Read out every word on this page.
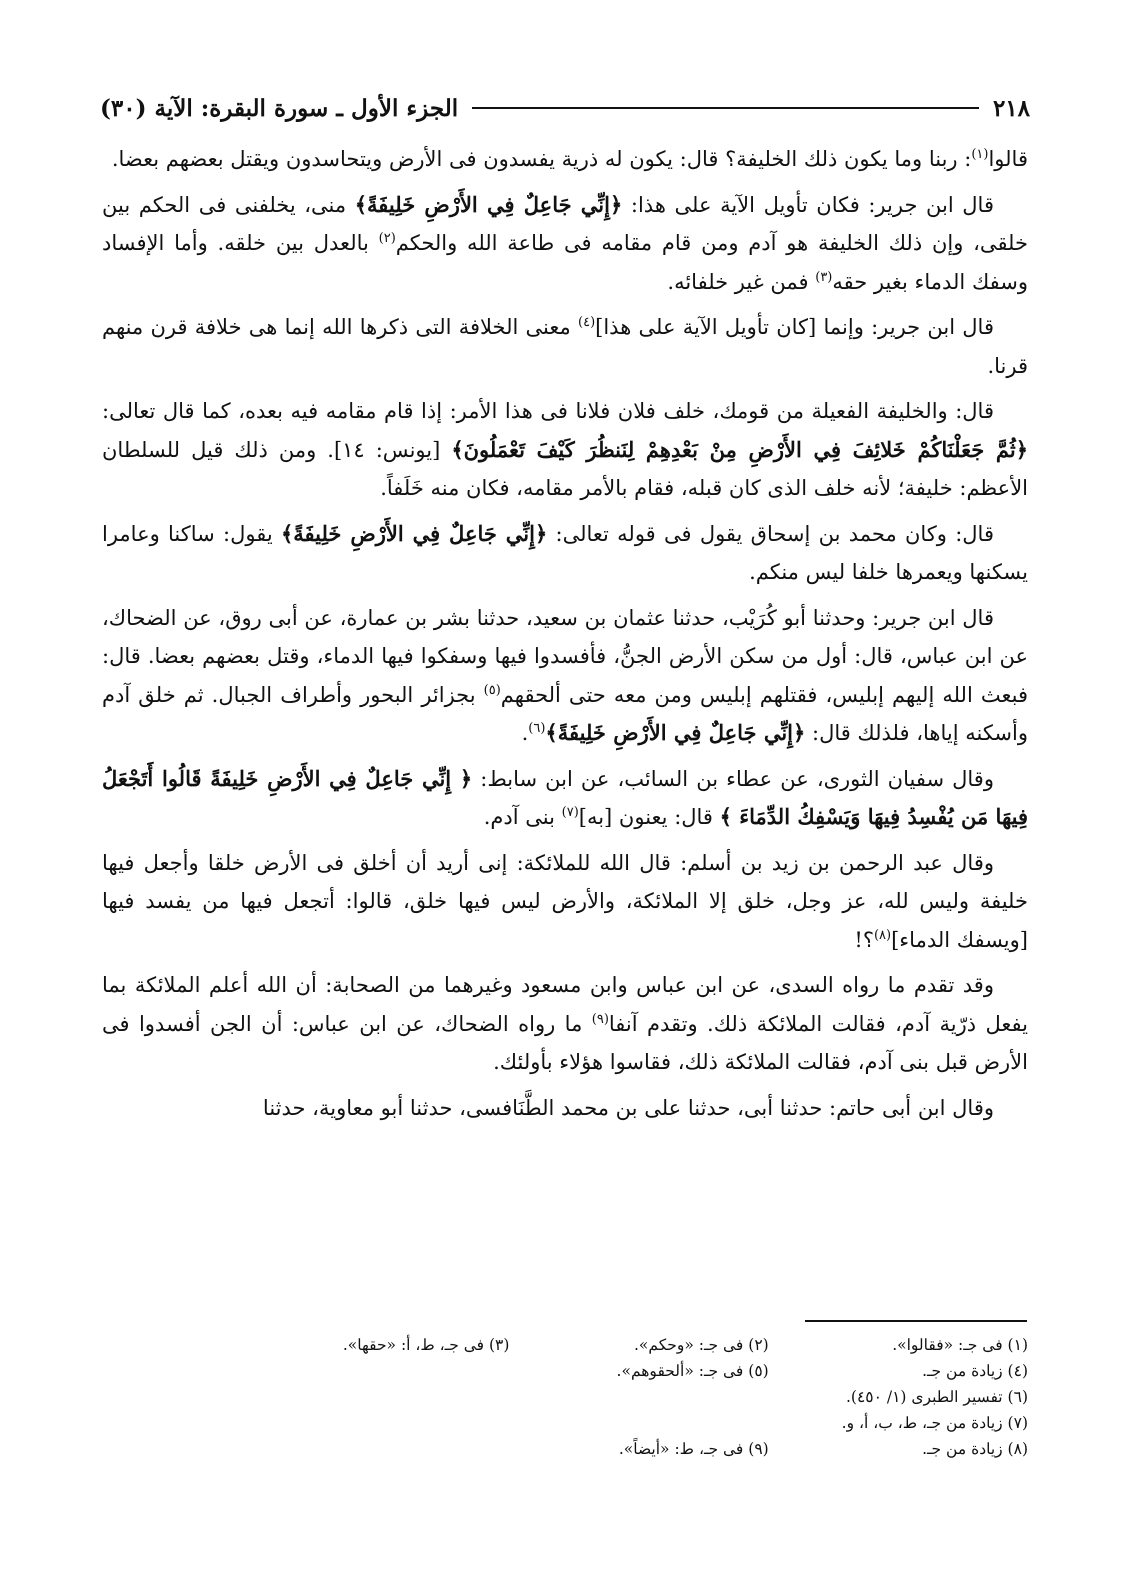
٢١٨
الجزء الأول ـ سورة البقرة: الآية (٣٠)

قالوا$^{(١)}$: ربنا وما يكون ذلك الخليفة؟ قال: يكون له ذرية يفسدون فى الأرض ويتحاسدون ويقتل بعضهم بعضا.

قال ابن جرير: فكان تأويل الآية على هذا: ﴿إِنِّي جَاعِلٌ فِي الأَرْضِ خَلِيفَةً﴾ منى، يخلفنى فى الحكم بين خلقى، وإن ذلك الخليفة هو آدم ومن قام مقامه فى طاعة الله والحكم$^{(٢)}$ بالعدل بين خلقه. وأما الإفساد وسفك الدماء بغير حقه$^{(٣)}$ فمن غير خلفائه.

قال ابن جرير: وإنما [كان تأويل الآية على هذا]$^{(٤)}$ معنى الخلافة التى ذكرها الله إنما هى خلافة قرن منهم قرنا.

قال: والخليفة الفعيلة من قومك، خلف فلان فلانا فى هذا الأمر: إذا قام مقامه فيه بعده، كما قال تعالى: ﴿ثُمَّ جَعَلْنَاكُمْ خَلائِفَ فِي الأَرْضِ مِنْ بَعْدِهِمْ لِنَنظُرَ كَيْفَ تَعْمَلُونَ﴾ [يونس: ١٤]. ومن ذلك قيل للسلطان الأعظم: خليفة؛ لأنه خلف الذى كان قبله، فقام بالأمر مقامه، فكان منه خَلَفاً.

قال: وكان محمد بن إسحاق يقول فى قوله تعالى: ﴿إِنِّي جَاعِلٌ فِي الأَرْضِ خَلِيفَةً﴾ يقول: ساكنا وعامرا يسكنها ويعمرها خلفا ليس منكم.

قال ابن جرير: وحدثنا أبو كُرَيْب، حدثنا عثمان بن سعيد، حدثنا بشر بن عمارة، عن أبى روق، عن الضحاك، عن ابن عباس، قال: أول من سكن الأرض الجنُّ، فأفسدوا فيها وسفكوا فيها الدماء، وقتل بعضهم بعضا. قال: فبعث الله إليهم إبليس، فقتلهم إبليس ومن معه حتى ألحقهم$^{(٥)}$ بجزائر البحور وأطراف الجبال. ثم خلق آدم وأسكنه إياها، فلذلك قال: ﴿إِنِّي جَاعِلٌ فِي الأَرْضِ خَلِيفَةً﴾$^{(٦)}$.

وقال سفيان الثورى، عن عطاء بن السائب، عن ابن سابط: ﴿ إِنِّي جَاعِلٌ فِي الأَرْضِ خَلِيفَةً قَالُوا أَتَجْعَلُ فِيهَا مَن يُفْسِدُ فِيهَا وَيَسْفِكُ الدِّمَاءَ ﴾ قال: يعنون [به]$^{(٧)}$ بنى آدم.

وقال عبد الرحمن بن زيد بن أسلم: قال الله للملائكة: إنى أريد أن أخلق فى الأرض خلقا وأجعل فيها خليفة وليس لله، عز وجل، خلق إلا الملائكة، والأرض ليس فيها خلق، قالوا: أتجعل فيها من يفسد فيها [ويسفك الدماء]$^{(٨)}$؟!

وقد تقدم ما رواه السدى، عن ابن عباس وابن مسعود وغيرهما من الصحابة: أن الله أعلم الملائكة بما يفعل ذرّية آدم، فقالت الملائكة ذلك. وتقدم آنفا$^{(٩)}$ ما رواه الضحاك، عن ابن عباس: أن الجن أفسدوا فى الأرض قبل بنى آدم، فقالت الملائكة ذلك، فقاسوا هؤلاء بأولئك.

وقال ابن أبى حاتم: حدثنا أبى، حدثنا على بن محمد الطَّنَافسى، حدثنا أبو معاوية، حدثنا

(١) فى جـ: «فقالوا».
(٢) فى جـ: «وحكم».
(٣) فى جـ، ط، أ: «حقها».
(٤) زيادة من جـ.
(٥) فى جـ: «ألحقوهم».
(٦) تفسير الطبرى (١/ ٤٥٠).
(٧) زيادة من جـ، ط، ب، أ، و.
(٨) زيادة من جـ.
(٩) فى جـ، ط: «أيضاً».
